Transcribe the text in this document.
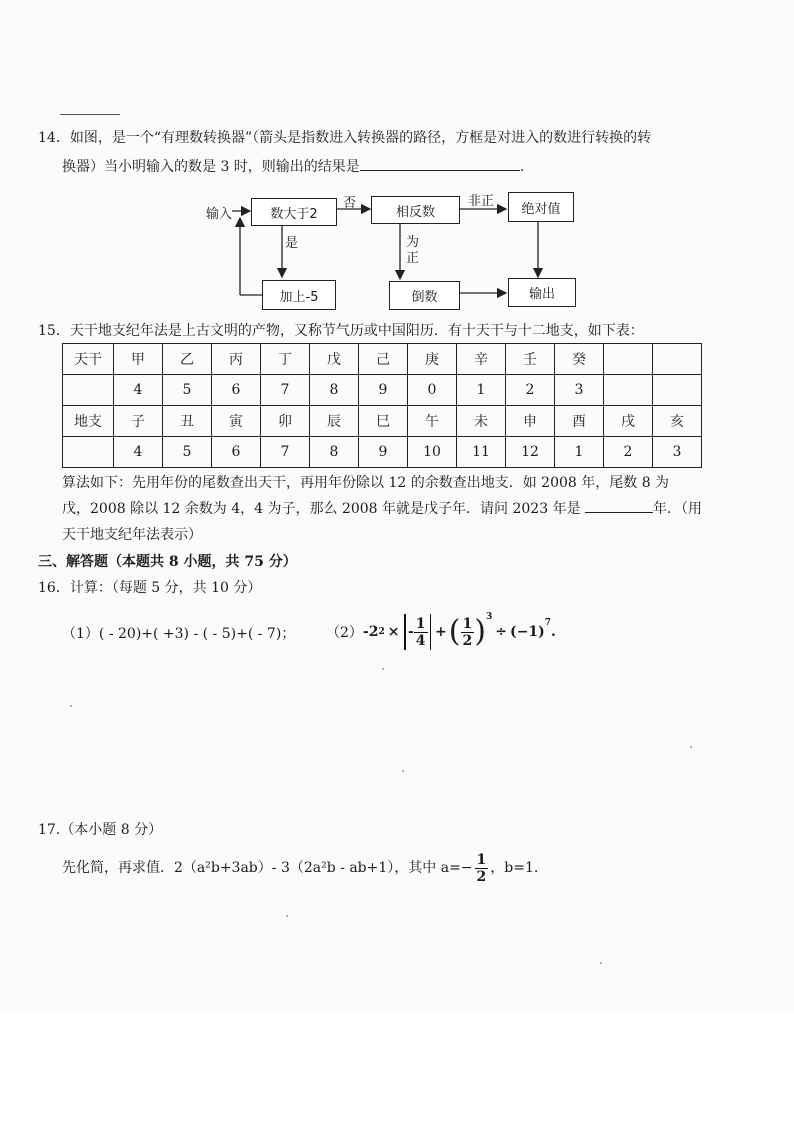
14．如图，是一个“有理数转换器”（箭头是指数进入转换器的路径，方框是对进入的数进行转换的转
换器）当小明输入的数是 3 时，则输出的结果是	.
输入	数大于2
否
相反数
非正 绝对值
是	为
正
加上-5	倒数	输出
15．天干地支纪年法是上古文明的产物，又称节气历或中国阳历．有十天干与十二地支，如下表：
天干	甲	乙	丙	丁	戊	己	庚	辛	壬	癸		
	4	5	6	7	8	9	0	1	2	3		
地支	子	丑	寅	卯	辰	巳	午	未	申	酉	戌	亥
	4	5	6	7	8	9	10	11	12	1	2	3
算法如下：先用年份的尾数查出天干，再用年份除以 12 的余数查出地支．如 2008 年，尾数 8 为
戊，2008 除以 12 余数为 4，4 为子，那么 2008 年就是戊子年．请问 2023 年是	年．（用
天干地支纪年法表示）
三、解答题（本题共 8 小题，共 75 分）
16．计算：（每题 5 分，共 10 分）
（1）( - 20)+( +3) - ( - 5)+( - 7)； （2） -2 2 × - $\frac{1}{4}$ + ( $\frac{1}{2} )^3$
÷ (−1)
$^7$
.
17.（本小题 8 分）
先化简，再求值．2（a²b+3ab）- 3（2a²b - ab+1），其中 $a=- \frac{1}{2}$ ，b=1.
